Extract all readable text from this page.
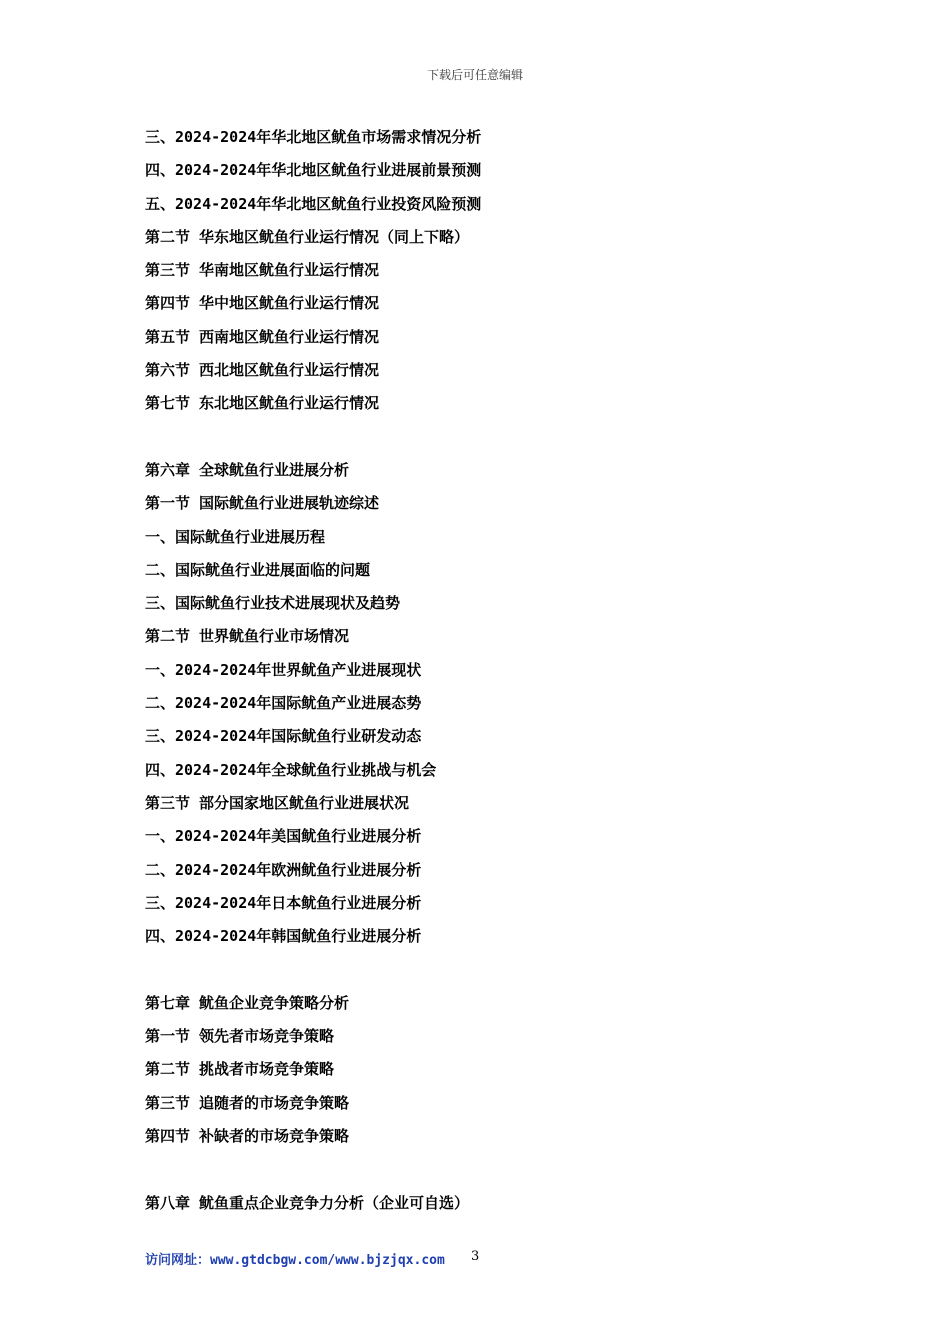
下载后可任意编辑
三、2024-2024年华北地区鱿鱼市场需求情况分析
四、2024-2024年华北地区鱿鱼行业进展前景预测
五、2024-2024年华北地区鱿鱼行业投资风险预测
第二节 华东地区鱿鱼行业运行情况（同上下略）
第三节 华南地区鱿鱼行业运行情况
第四节 华中地区鱿鱼行业运行情况
第五节 西南地区鱿鱼行业运行情况
第六节 西北地区鱿鱼行业运行情况
第七节 东北地区鱿鱼行业运行情况
第六章 全球鱿鱼行业进展分析
第一节 国际鱿鱼行业进展轨迹综述
一、国际鱿鱼行业进展历程
二、国际鱿鱼行业进展面临的问题
三、国际鱿鱼行业技术进展现状及趋势
第二节 世界鱿鱼行业市场情况
一、2024-2024年世界鱿鱼产业进展现状
二、2024-2024年国际鱿鱼产业进展态势
三、2024-2024年国际鱿鱼行业研发动态
四、2024-2024年全球鱿鱼行业挑战与机会
第三节 部分国家地区鱿鱼行业进展状况
一、2024-2024年美国鱿鱼行业进展分析
二、2024-2024年欧洲鱿鱼行业进展分析
三、2024-2024年日本鱿鱼行业进展分析
四、2024-2024年韩国鱿鱼行业进展分析
第七章 鱿鱼企业竞争策略分析
第一节 领先者市场竞争策略
第二节 挑战者市场竞争策略
第三节 追随者的市场竞争策略
第四节 补缺者的市场竞争策略
第八章 鱿鱼重点企业竞争力分析（企业可自选）
访问网址：www.gtdcbgw.com/www.bjzjqx.com 3
